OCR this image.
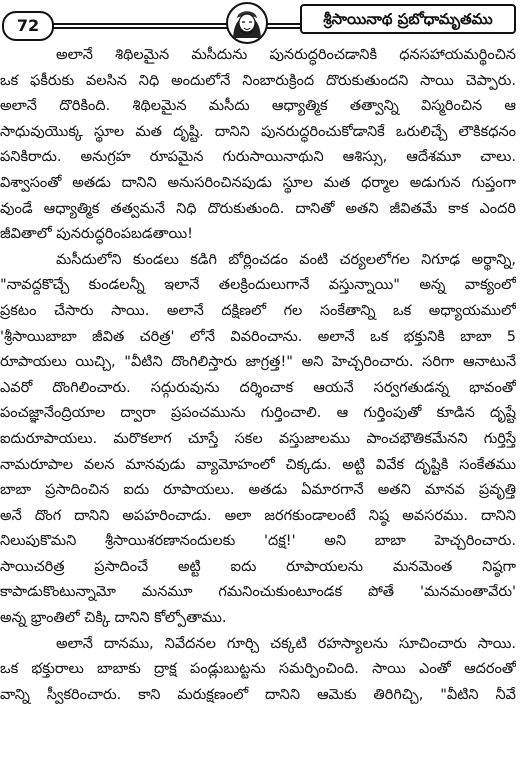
72	శ్రీసాయినాథ ప్రబోధామృతము

అలానే శిథిలమైన మసీదును పునరుద్ధరించడానికి ధనసహాయమర్థించిన
ఒక ఫకీరుకు వలసిన నిధి అందులోనే నింబారుక్రింద దొరుకుతుందని సాయి చెప్పారు.
అలానే దొరికింది. శిథిలమైన మసీదు ఆధ్యాత్మిక తత్వాన్ని విస్మరించిన ఆ
సాధువుయొక్క స్థూల మత దృష్టి. దానిని పునరుద్ధరించుకోడానికే ఒరులిచ్చే లౌకికధనం
పనికిరాదు. అనుగ్రహ రూపమైన గురుసాయినాథుని ఆశిస్సు, ఆదేశమూ చాలు.
విశ్వాసంతో అతడు దానిని అనుసరించినపుడు స్థూల మత ధర్మాల అడుగున గుప్తంగా
వుండే ఆధ్యాత్మిక తత్వమనే నిధి దొరుకుతుంది. దానితో అతని జీవితమే కాక ఎందరి
జీవితాలో పునరుద్ధరింపబడతాయి!

మసీదులోని కుండలు కడిగి బోర్లించడం వంటి చర్యలలోగల నిగూఢ అర్థాన్ని,
"నావద్దకొచ్చే కుండలన్నీ ఇలానే తలక్రిందులుగానే వస్తున్నాయి" అన్న వాక్యంలో
ప్రకటం చేసారు సాయి. అలానే దక్షిణలో గల సంకేతాన్ని ఒక అధ్యాయములో
'శ్రీసాయిబాబా జీవిత చరిత్ర' లోనే వివరించాను. అలానే ఒక భక్తునికి బాబా 5
రూపాయలు యిచ్చి, "వీటిని దొంగిలిస్తారు జాగ్రత్త!" అని హెచ్చరించారు. సరిగా ఆనాటునే
ఎవరో దొంగిలించారు. సద్గురువును దర్శించాక ఆయనే సర్వగతుడన్న భావంతో
పంచజ్ఞానేంద్రియాల ద్వారా ప్రపంచమును గుర్తించాలి. ఆ గుర్తింపుతో కూడిన దృష్టే
ఐదురూపాయలు. మరొకలాగ చూస్తే సకల వస్తుజాలము పాంచభౌతికమేనని గుర్తిస్తే
నామరూపాల వలన మానవుడు వ్యామోహంలో చిక్కడు. అట్టి వివేక దృష్టికి సంకేతము
బాబా ప్రసాదించిన ఐదు రూపాయలు. అతడు ఏమారగానే అతని మానవ ప్రవృత్తి
అనే దొంగ దానిని అపహరించాడు. అలా జరగకుండాలంటే నిష్ఠ అవసరము. దానిని
నిలుపుకొమని శ్రీసాయిశరణానందులకు 'దక్ష!' అని బాబా హెచ్చరించారు.
సాయిచరిత్ర ప్రసాదించే అట్టి ఐదు రూపాయలను మనమెంత నిష్ఠగా
కాపాడుకొంటున్నామో మనమూ గమనించుకుంటూండక పోతే 'మనమంతావేరు'
అన్న భ్రాంతిలో చిక్కి దానిని కోల్పోతాము.

అలానే దానము, నివేదనల గూర్చి చక్కటి రహస్యాలను సూచించారు సాయి.
ఒక భక్తురాలు బాబాకు ద్రాక్ష పండ్లుబుట్టను సమర్పించింది. సాయి ఎంతో ఆదరంతో
వాన్ని స్వీకరించారు. కాని మరుక్షణంలో దానిని ఆమెకు తిరిగిచ్చి, "వీటిని నీవే
